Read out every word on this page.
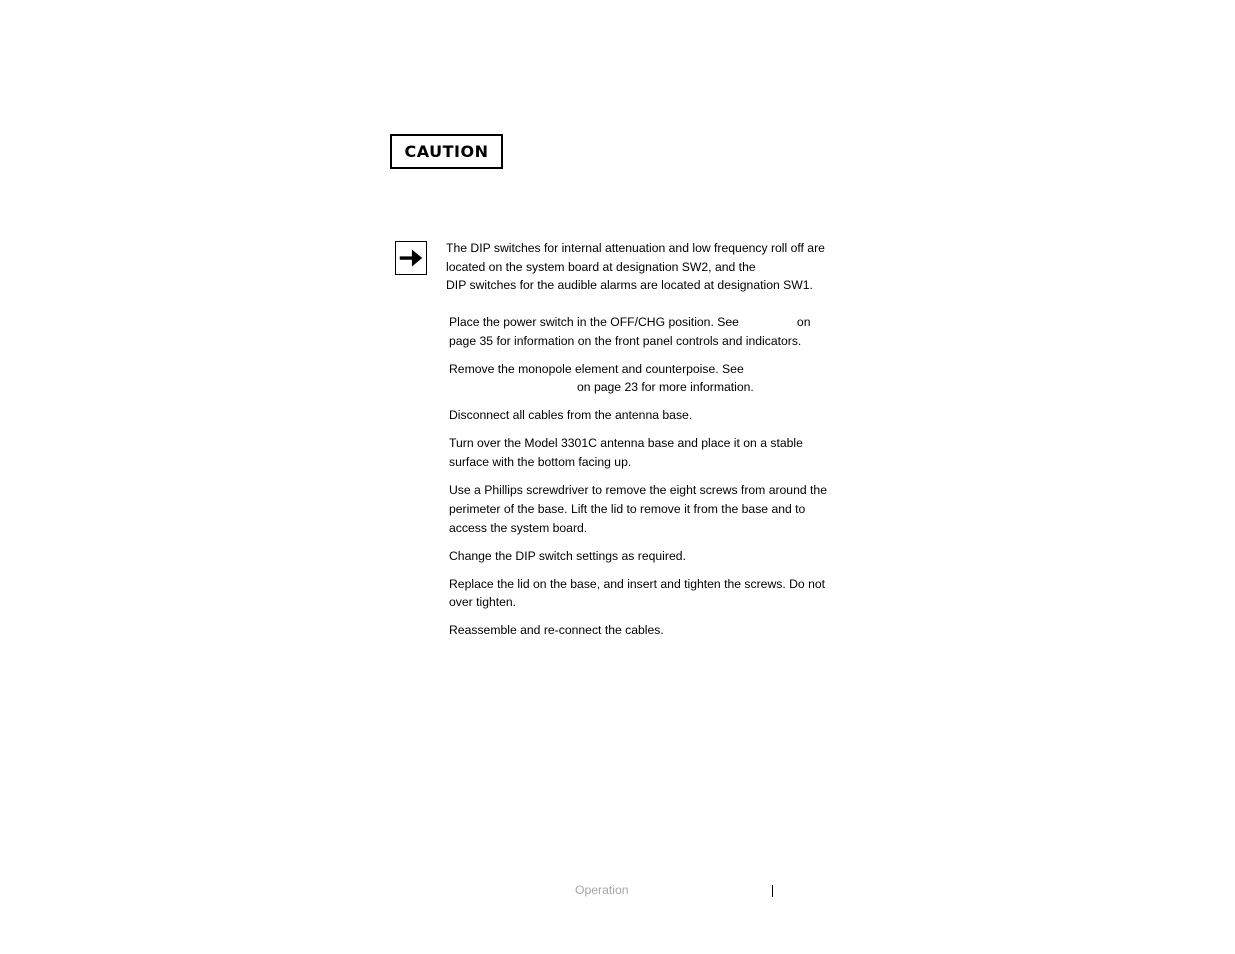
CAUTION
The DIP switches for internal attenuation and low frequency roll off are
located on the system board at designation SW2, and the
DIP switches for the audible alarms are located at designation SW1.
Place the power switch in the OFF/CHG position. See	on
page 35 for information on the front panel controls and indicators.
Remove the monopole element and counterpoise. See
on page 23 for more information.
Disconnect all cables from the antenna base.
Turn over the Model 3301C antenna base and place it on a stable
surface with the bottom facing up.
Use a Phillips screwdriver to remove the eight screws from around the
perimeter of the base. Lift the lid to remove it from the base and to
access the system board.
Change the DIP switch settings as required.
Replace the lid on the base, and insert and tighten the screws. Do not
over tighten.
Reassemble and re-connect the cables.
Operation
